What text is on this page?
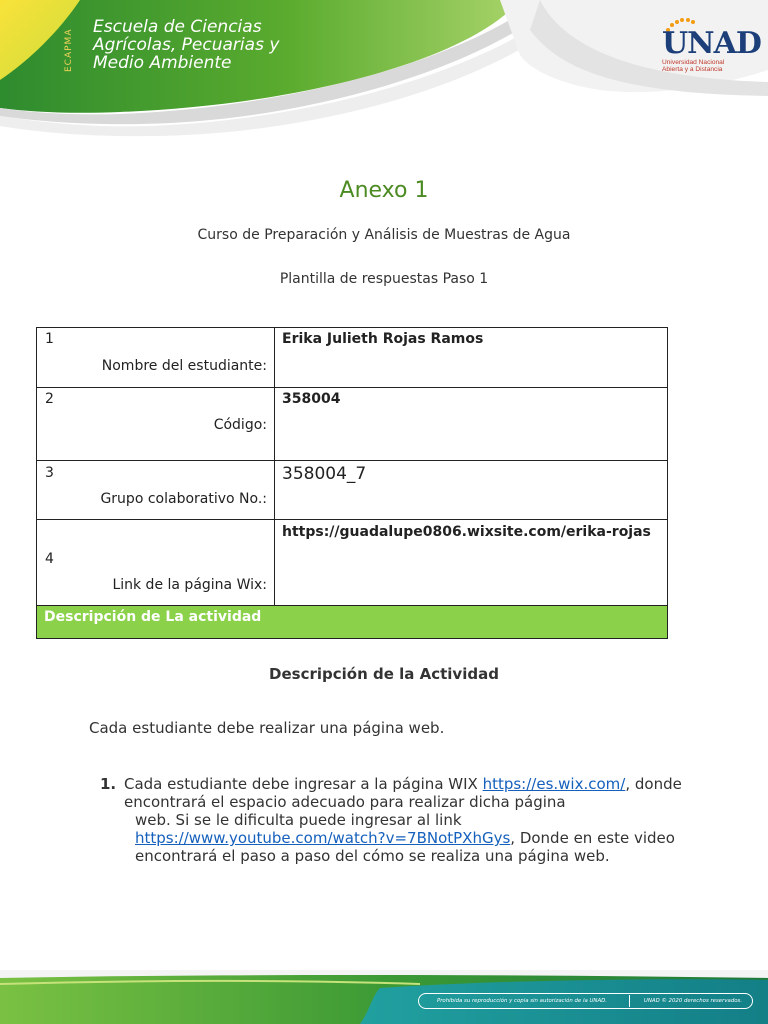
ECAPMA
Escuela de Ciencias
Agrícolas, Pecuarias y
Medio Ambiente
UNAD
Universidad Nacional
Abierta y a Distancia
Anexo 1
Curso de Preparación y Análisis de Muestras de Agua
Plantilla de respuestas Paso 1
1
Nombre del estudiante:	Erika Julieth Rojas Ramos

2
Código:	358004

3
Grupo colaborativo No.:	358004_7

4
Link de la página Wix:	https://guadalupe0806.wixsite.com/erika-rojas
Descripción de La actividad	
Descripción de la Actividad
Cada estudiante debe realizar una página web.
1. Cada estudiante debe ingresar a la página WIX https://es.wix.com/, donde
encontrará el espacio adecuado para realizar dicha página
web. Si se le dificulta puede ingresar al link
https://www.youtube.com/watch?v=7BNotPXhGys, Donde en este video
encontrará el paso a paso del cómo se realiza una página web.
Prohibida su reproducción y copia sin autorización de la UNAD.	UNAD © 2020 derechos reservados.
